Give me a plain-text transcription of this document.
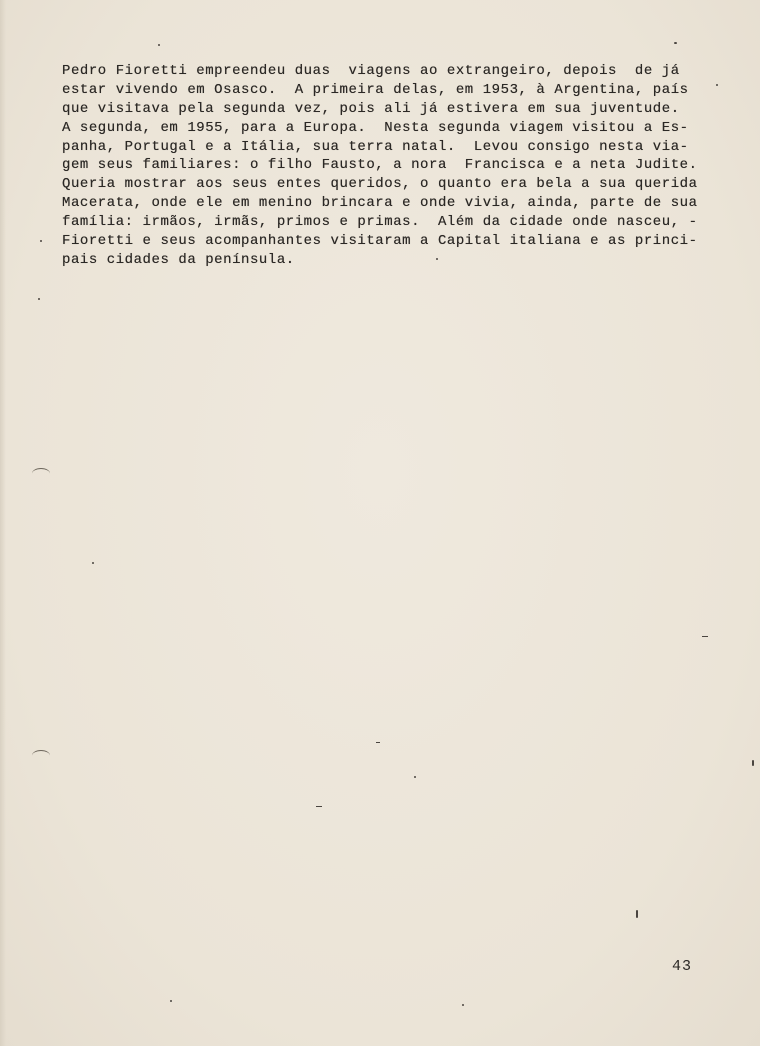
Pedro Fioretti empreendeu duas  viagens ao extrangeiro, depois  de já
estar vivendo em Osasco.  A primeira delas, em 1953, à Argentina, país
que visitava pela segunda vez, pois ali já estivera em sua juventude.
A segunda, em 1955, para a Europa.  Nesta segunda viagem visitou a Es-
panha, Portugal e a Itália, sua terra natal.  Levou consigo nesta via-
gem seus familiares: o filho Fausto, a nora  Francisca e a neta Judite.
Queria mostrar aos seus entes queridos, o quanto era bela a sua querida
Macerata, onde ele em menino brincara e onde vivia, ainda, parte de sua
família: irmãos, irmãs, primos e primas.  Além da cidade onde nasceu, -
Fioretti e seus acompanhantes visitaram a Capital italiana e as princi-
pais cidades da península.
43
